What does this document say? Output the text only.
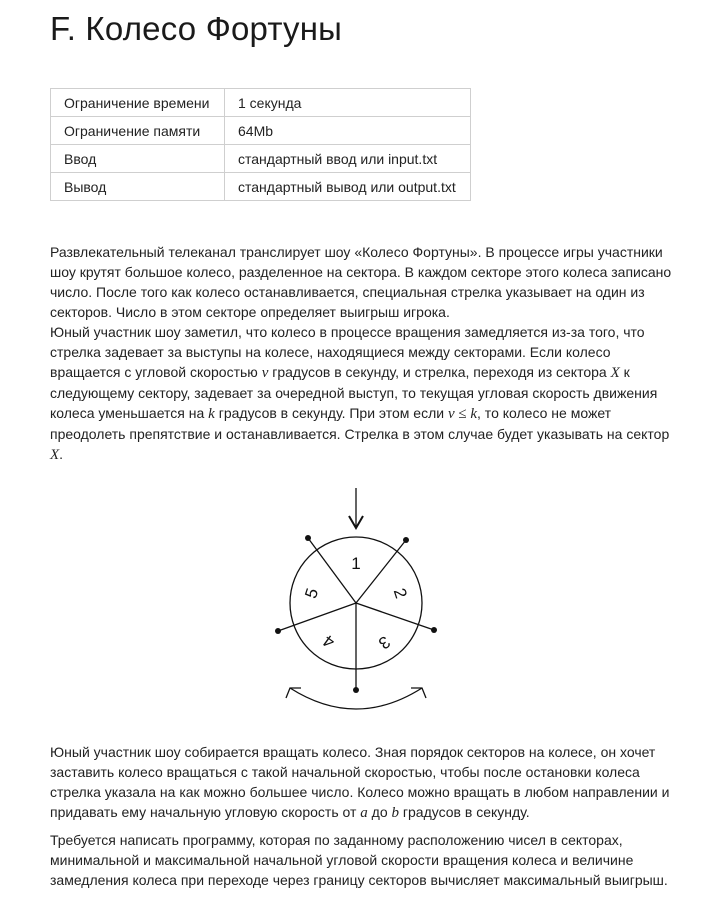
F. Колесо Фортуны
Ограничение времени	1 секунда
Ограничение памяти	64Mb
Ввод	стандартный ввод или input.txt
Вывод	стандартный вывод или output.txt
Развлекательный телеканал транслирует шоу «Колесо Фортуны». В процессе игры участники
шоу крутят большое колесо, разделенное на сектора. В каждом секторе этого колеса записано
число. После того как колесо останавливается, специальная стрелка указывает на один из
секторов. Число в этом секторе определяет выигрыш игрока.
Юный участник шоу заметил, что колесо в процессе вращения замедляется из-за того, что
стрелка задевает за выступы на колесе, находящиеся между секторами. Если колесо
вращается с угловой скоростью v градусов в секунду, и стрелка, переходя из сектора X к
следующему сектору, задевает за очередной выступ, то текущая угловая скорость движения
колеса уменьшается на k градусов в секунду. При этом если v ≤ k, то колесо не может
преодолеть препятствие и останавливается. Стрелка в этом случае будет указывать на сектор
X.
1
2
3
4
5
Юный участник шоу собирается вращать колесо. Зная порядок секторов на колесе, он хочет
заставить колесо вращаться с такой начальной скоростью, чтобы после остановки колеса
стрелка указала на как можно большее число. Колесо можно вращать в любом направлении и
придавать ему начальную угловую скорость от a до b градусов в секунду.
Требуется написать программу, которая по заданному расположению чисел в секторах,
минимальной и максимальной начальной угловой скорости вращения колеса и величине
замедления колеса при переходе через границу секторов вычисляет максимальный выигрыш.
